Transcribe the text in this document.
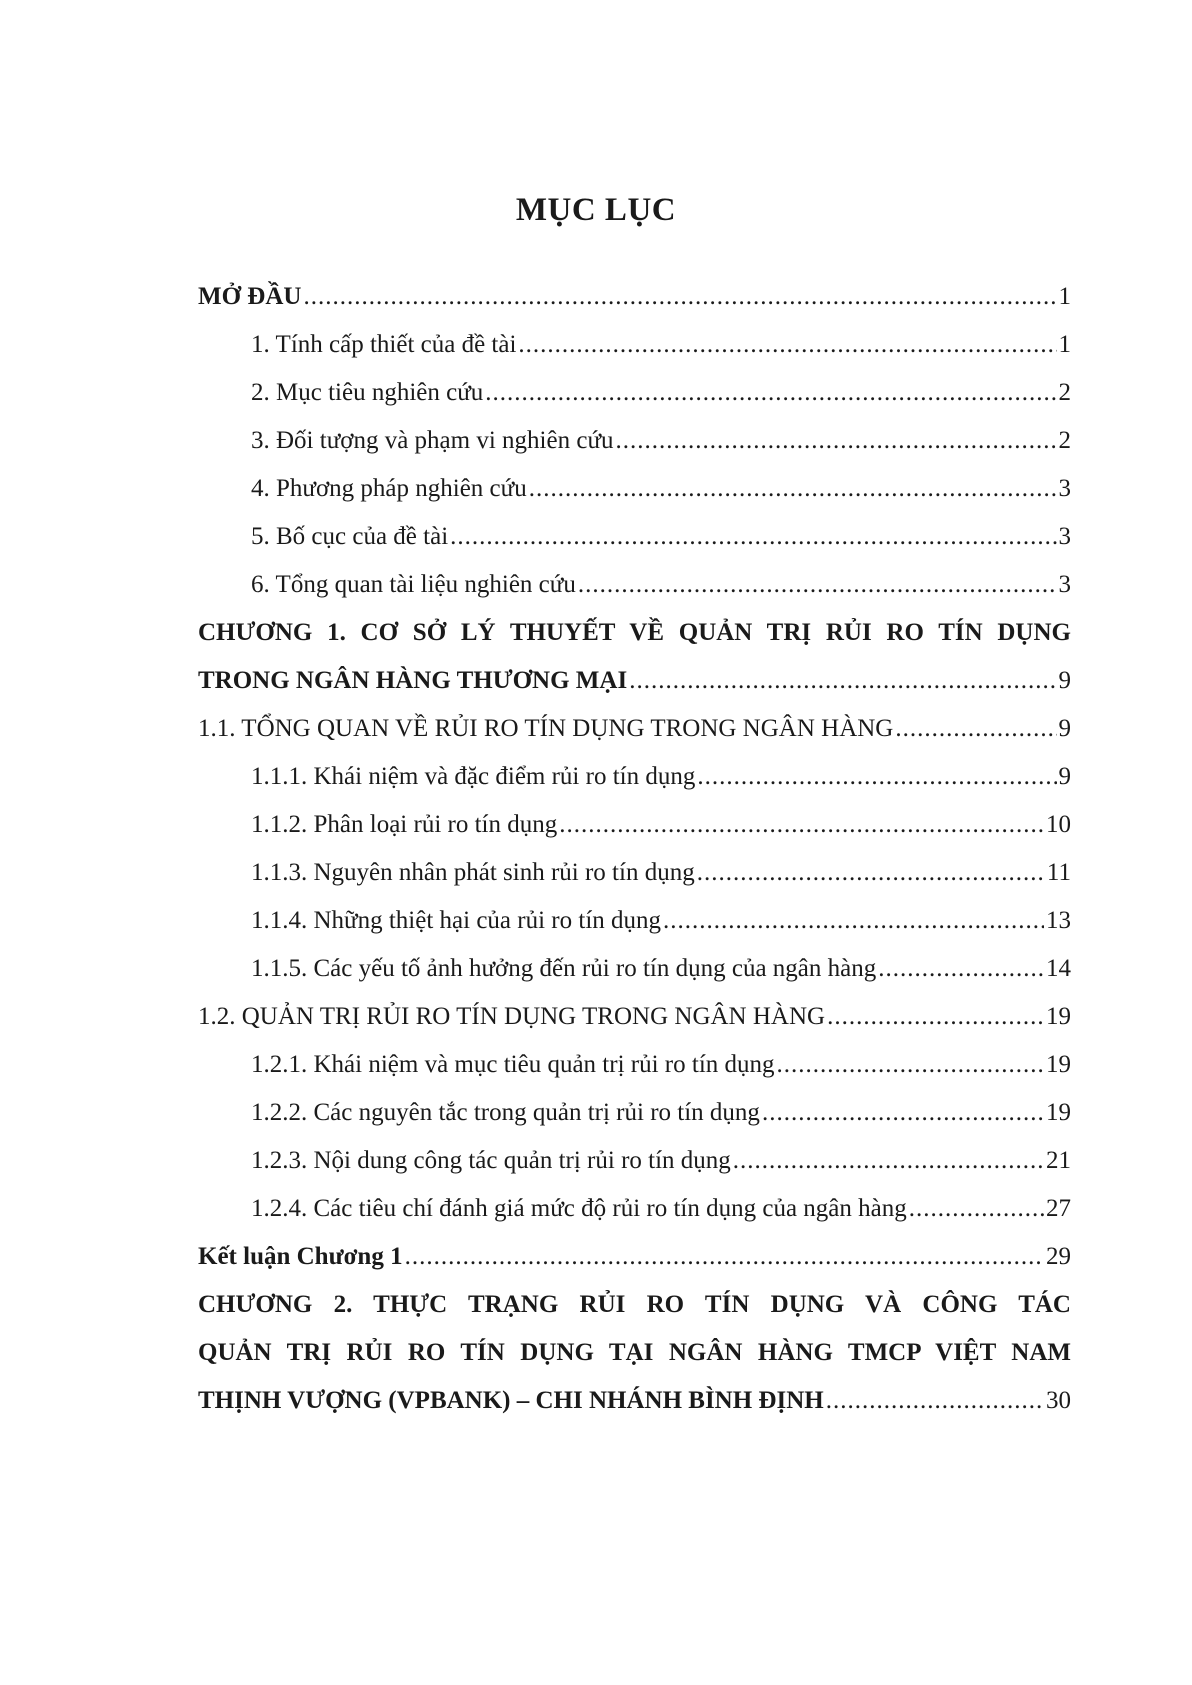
MỤC LỤC
MỞ ĐẦU .....	1
1. Tính cấp thiết của đề tài .....	1
2. Mục tiêu nghiên cứu .....	2
3. Đối tượng và phạm vi nghiên cứu .....	2
4. Phương pháp nghiên cứu .....	3
5. Bố cục của đề tài .....	3
6. Tổng quan tài liệu nghiên cứu .....	3
CHƯƠNG 1. CƠ SỞ LÝ THUYẾT VỀ QUẢN TRỊ RỦI RO TÍN DỤNG
TRONG NGÂN HÀNG THƯƠNG MẠI .....	9
1.1. TỔNG QUAN VỀ RỦI RO TÍN DỤNG TRONG NGÂN HÀNG .....	9
1.1.1. Khái niệm và đặc điểm rủi ro tín dụng .....	9
1.1.2. Phân loại rủi ro tín dụng .....	10
1.1.3. Nguyên nhân phát sinh rủi ro tín dụng .....	11
1.1.4. Những thiệt hại của rủi ro tín dụng .....	13
1.1.5. Các yếu tố ảnh hưởng đến rủi ro tín dụng của ngân hàng .....	14
1.2. QUẢN TRỊ RỦI RO TÍN DỤNG TRONG NGÂN HÀNG .....	19
1.2.1. Khái niệm và mục tiêu quản trị rủi ro tín dụng .....	19
1.2.2. Các nguyên tắc trong quản trị rủi ro tín dụng .....	19
1.2.3. Nội dung công tác quản trị rủi ro tín dụng .....	21
1.2.4. Các tiêu chí đánh giá mức độ rủi ro tín dụng của ngân hàng .....	27
Kết luận Chương 1 .....	29
CHƯƠNG 2. THỰC TRẠNG RỦI RO TÍN DỤNG VÀ CÔNG TÁC
QUẢN TRỊ RỦI RO TÍN DỤNG TẠI NGÂN HÀNG TMCP VIỆT NAM
THỊNH VƯỢNG (VPBANK) – CHI NHÁNH BÌNH ĐỊNH .....	30
